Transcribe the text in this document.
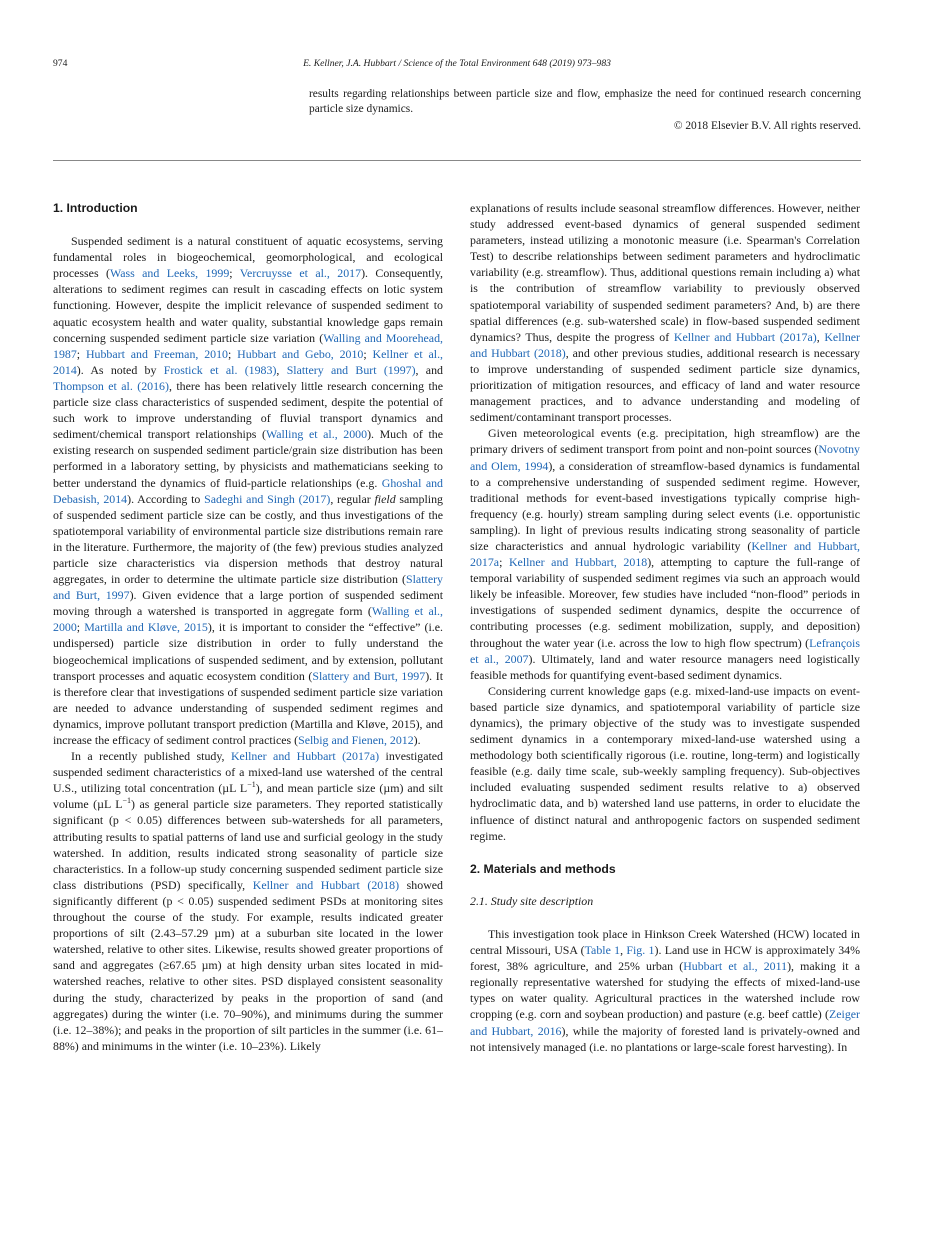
974	E. Kellner, J.A. Hubbart / Science of the Total Environment 648 (2019) 973–983

results regarding relationships between particle size and flow, emphasize the need for continued research concerning particle size dynamics.

© 2018 Elsevier B.V. All rights reserved.

1. Introduction

Suspended sediment is a natural constituent of aquatic ecosystems, serving fundamental roles in biogeochemical, geomorphological, and ecological processes (Wass and Leeks, 1999; Vercruysse et al., 2017). Consequently, alterations to sediment regimes can result in cascading effects on lotic system functioning. However, despite the implicit relevance of suspended sediment to aquatic ecosystem health and water quality, substantial knowledge gaps remain concerning suspended sediment particle size variation (Walling and Moorehead, 1987; Hubbart and Freeman, 2010; Hubbart and Gebo, 2010; Kellner et al., 2014). As noted by Frostick et al. (1983), Slattery and Burt (1997), and Thompson et al. (2016), there has been relatively little research concerning the particle size class characteristics of suspended sediment, despite the potential of such work to improve understanding of fluvial transport dynamics and sediment/chemical transport relationships (Walling et al., 2000). Much of the existing research on suspended sediment particle/grain size distribution has been performed in a laboratory setting, by physicists and mathematicians seeking to better understand the dynamics of fluid-particle relationships (e.g. Ghoshal and Debasish, 2014). According to Sadeghi and Singh (2017), regular field sampling of suspended sediment particle size can be costly, and thus investigations of the spatiotemporal variability of environmental particle size distributions remain rare in the literature. Furthermore, the majority of (the few) previous studies analyzed particle size characteristics via dispersion methods that destroy natural aggregates, in order to determine the ultimate particle size distribution (Slattery and Burt, 1997). Given evidence that a large portion of suspended sediment moving through a watershed is transported in aggregate form (Walling et al., 2000; Martilla and Kløve, 2015), it is important to consider the “effective” (i.e. undispersed) particle size distribution in order to fully understand the biogeochemical implications of suspended sediment, and by extension, pollutant transport processes and aquatic ecosystem condition (Slattery and Burt, 1997). It is therefore clear that investigations of suspended sediment particle size variation are needed to advance understanding of suspended sediment regimes and dynamics, improve pollutant transport prediction (Martilla and Kløve, 2015), and increase the efficacy of sediment control practices (Selbig and Fienen, 2012).

In a recently published study, Kellner and Hubbart (2017a) investigated suspended sediment characteristics of a mixed-land use watershed of the central U.S., utilizing total concentration (µL $L^{-1}$), and mean particle size (µm) and silt volume (µL $L^{-1}$) as general particle size parameters. They reported statistically significant (p < 0.05) differences between sub-watersheds for all parameters, attributing results to spatial patterns of land use and surficial geology in the study watershed. In addition, results indicated strong seasonality of particle size characteristics. In a follow-up study concerning suspended sediment particle size class distributions (PSD) specifically, Kellner and Hubbart (2018) showed significantly different (p < 0.05) suspended sediment PSDs at monitoring sites throughout the course of the study. For example, results indicated greater proportions of silt (2.43–57.29 µm) at a suburban site located in the lower watershed, relative to other sites. Likewise, results showed greater proportions of sand and aggregates (≥67.65 µm) at high density urban sites located in mid-watershed reaches, relative to other sites. PSD displayed consistent seasonality during the study, characterized by peaks in the proportion of sand (and aggregates) during the winter (i.e. 70–90%), and minimums during the summer (i.e. 12–38%); and peaks in the proportion of silt particles in the summer (i.e. 61–88%) and minimums in the winter (i.e. 10–23%). Likely

explanations of results include seasonal streamflow differences. However, neither study addressed event-based dynamics of general suspended sediment parameters, instead utilizing a monotonic measure (i.e. Spearman's Correlation Test) to describe relationships between sediment parameters and hydroclimatic variability (e.g. streamflow). Thus, additional questions remain including a) what is the contribution of streamflow variability to previously observed spatiotemporal variability of suspended sediment parameters? And, b) are there spatial differences (e.g. sub-watershed scale) in flow-based suspended sediment dynamics? Thus, despite the progress of Kellner and Hubbart (2017a), Kellner and Hubbart (2018), and other previous studies, additional research is necessary to improve understanding of suspended sediment particle size dynamics, prioritization of mitigation resources, and efficacy of land and water resource management practices, and to advance understanding and modeling of sediment/contaminant transport processes.

Given meteorological events (e.g. precipitation, high streamflow) are the primary drivers of sediment transport from point and non-point sources (Novotny and Olem, 1994), a consideration of streamflow-based dynamics is fundamental to a comprehensive understanding of suspended sediment regime. However, traditional methods for event-based investigations typically comprise high-frequency (e.g. hourly) stream sampling during select events (i.e. opportunistic sampling). In light of previous results indicating strong seasonality of particle size characteristics and annual hydrologic variability (Kellner and Hubbart, 2017a; Kellner and Hubbart, 2018), attempting to capture the full-range of temporal variability of suspended sediment regimes via such an approach would likely be infeasible. Moreover, few studies have included “non-flood” periods in investigations of suspended sediment dynamics, despite the occurrence of contributing processes (e.g. sediment mobilization, supply, and deposition) throughout the water year (i.e. across the low to high flow spectrum) (Lefrançois et al., 2007). Ultimately, land and water resource managers need logistically feasible methods for quantifying event-based sediment dynamics.

Considering current knowledge gaps (e.g. mixed-land-use impacts on event-based particle size dynamics, and spatiotemporal variability of particle size dynamics), the primary objective of the study was to investigate suspended sediment dynamics in a contemporary mixed-land-use watershed using a methodology both scientifically rigorous (i.e. routine, long-term) and logistically feasible (e.g. daily time scale, sub-weekly sampling frequency). Sub-objectives included evaluating suspended sediment results relative to a) observed hydroclimatic data, and b) watershed land use patterns, in order to elucidate the influence of distinct natural and anthropogenic factors on suspended sediment regime.

2. Materials and methods
2.1. Study site description

This investigation took place in Hinkson Creek Watershed (HCW) located in central Missouri, USA (Table 1, Fig. 1). Land use in HCW is approximately 34% forest, 38% agriculture, and 25% urban (Hubbart et al., 2011), making it a regionally representative watershed for studying the effects of mixed-land-use types on water quality. Agricultural practices in the watershed include row cropping (e.g. corn and soybean production) and pasture (e.g. beef cattle) (Zeiger and Hubbart, 2016), while the majority of forested land is privately-owned and not intensively managed (i.e. no plantations or large-scale forest harvesting). In
